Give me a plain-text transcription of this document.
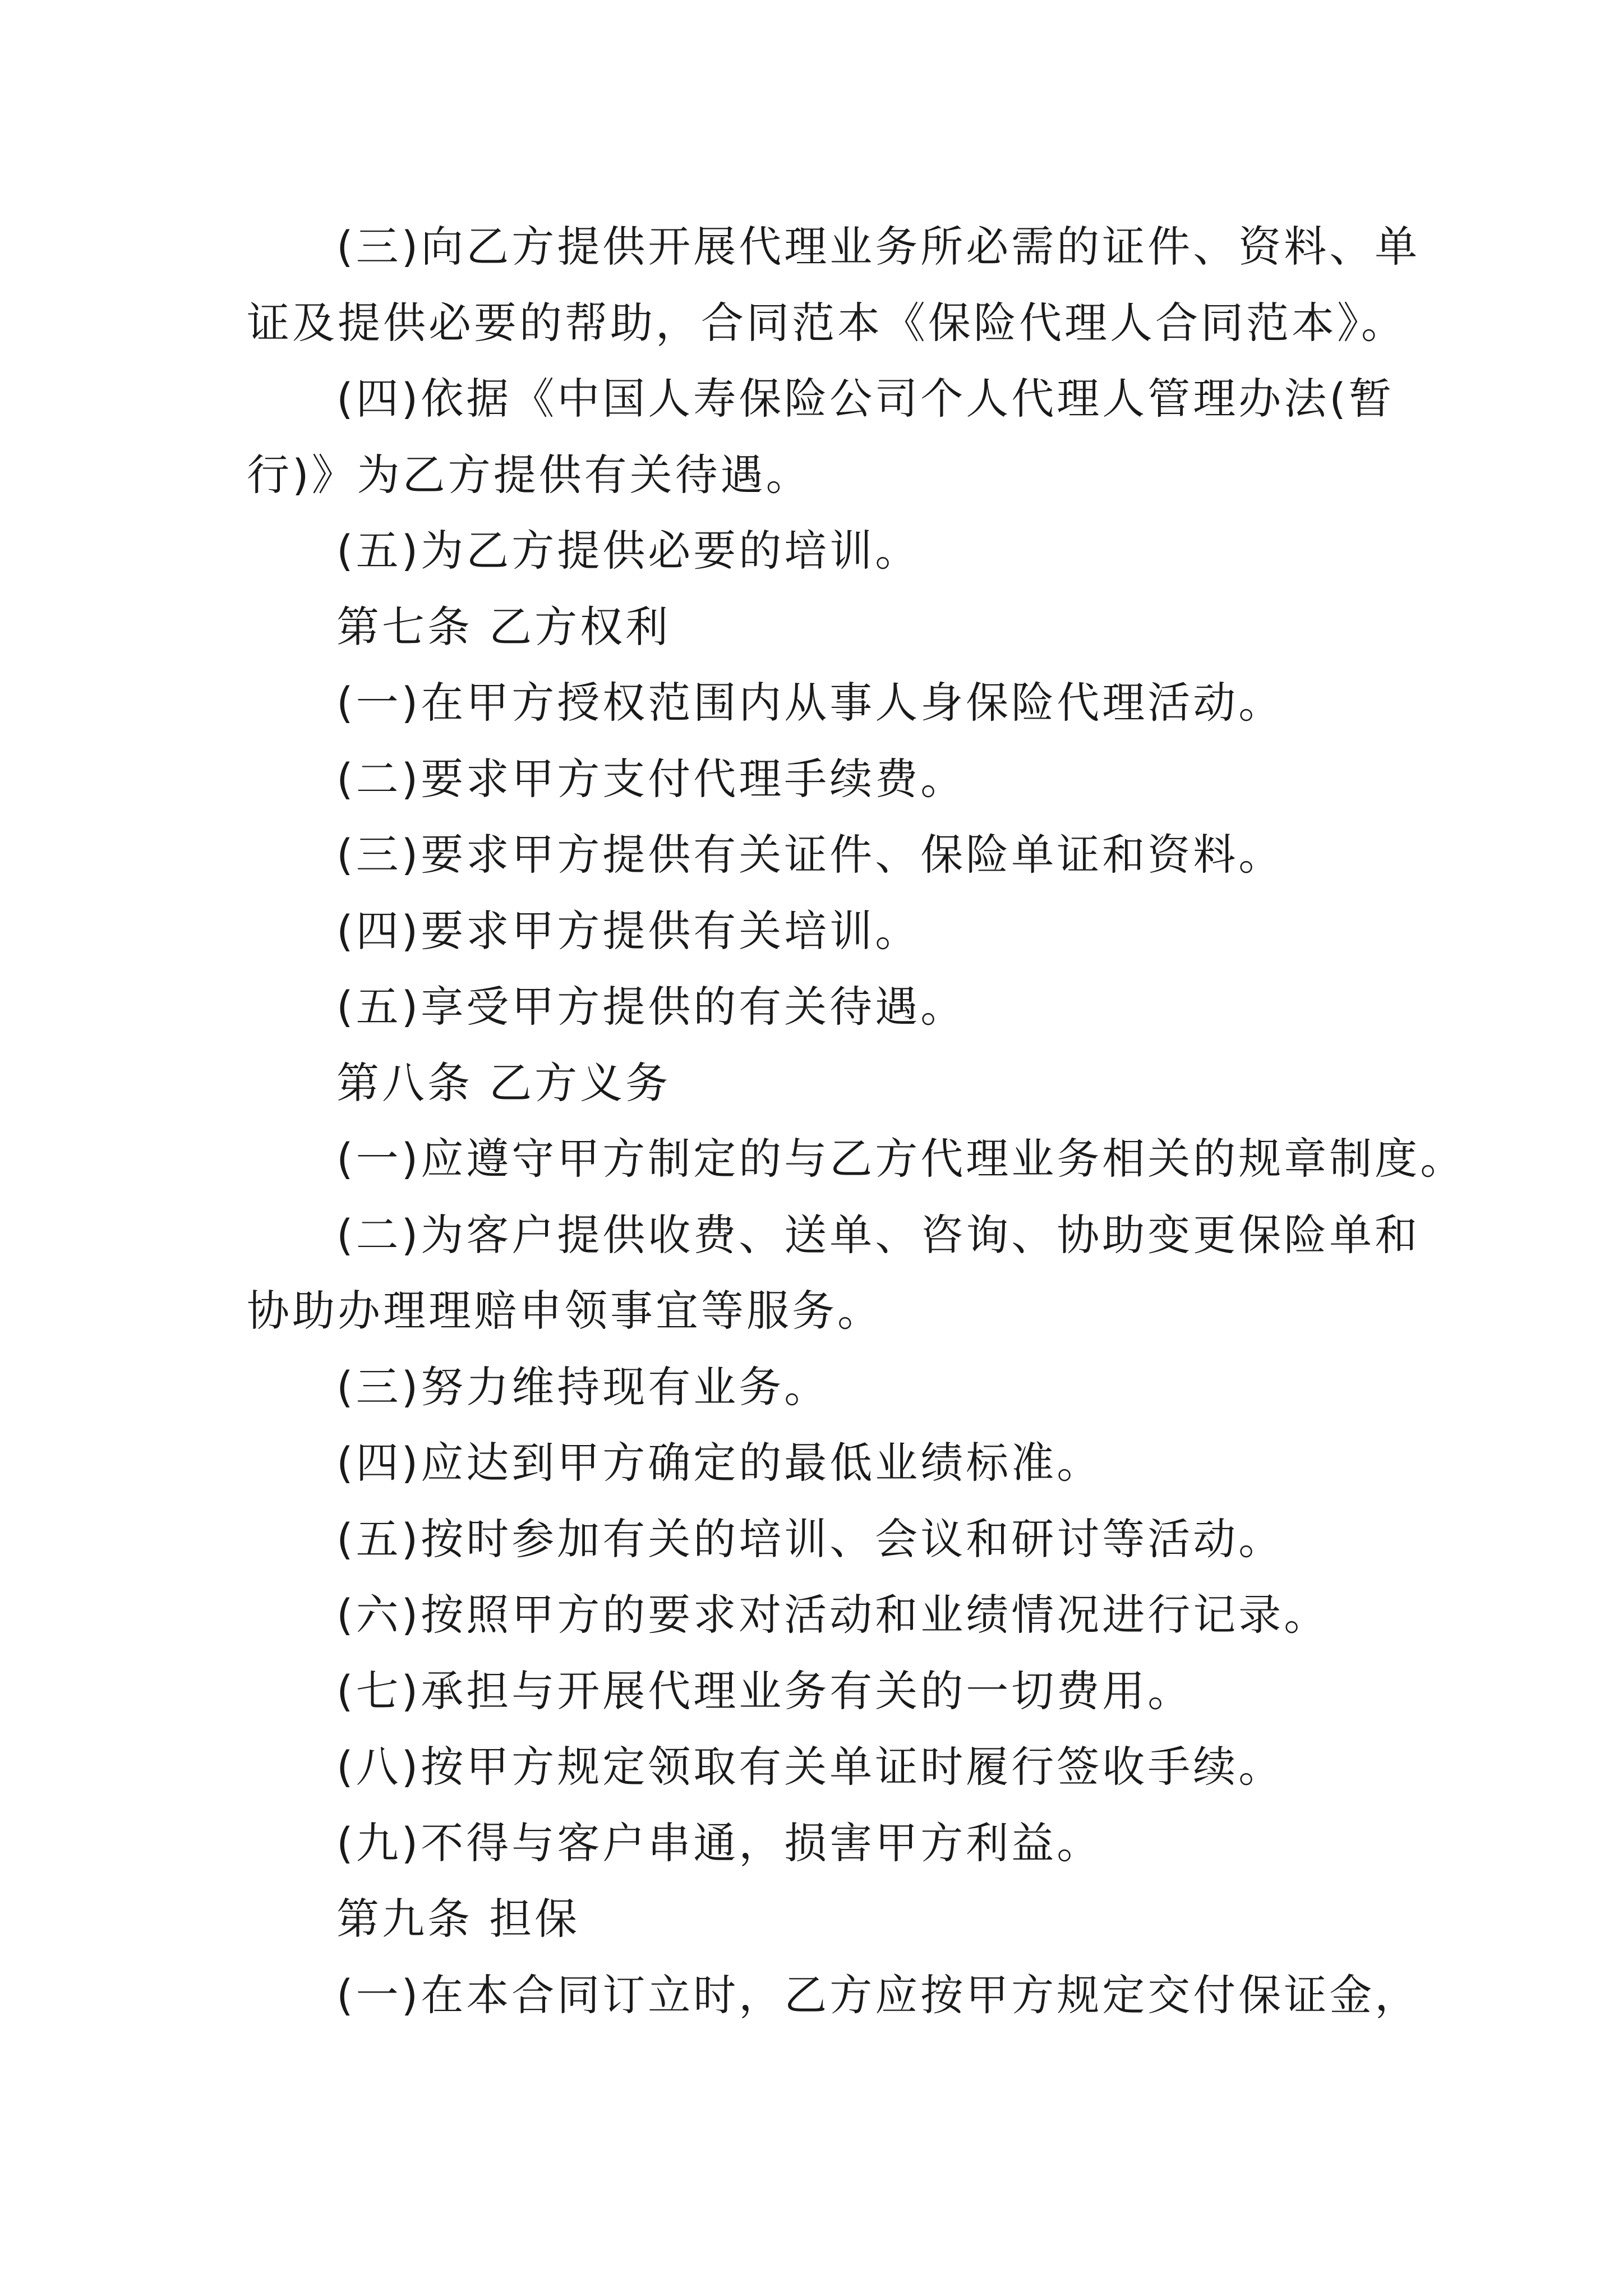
(三)向乙方提供开展代理业务所必需的证件、资料、单
证及提供必要的帮助，合同范本《保险代理人合同范本》。
(四)依据《中国人寿保险公司个人代理人管理办法(暂
行)》为乙方提供有关待遇。
(五)为乙方提供必要的培训。
第七条 乙方权利
(一)在甲方授权范围内从事人身保险代理活动。
(二)要求甲方支付代理手续费。
(三)要求甲方提供有关证件、保险单证和资料。
(四)要求甲方提供有关培训。
(五)享受甲方提供的有关待遇。
第八条 乙方义务
(一)应遵守甲方制定的与乙方代理业务相关的规章制度。
(二)为客户提供收费、送单、咨询、协助变更保险单和
协助办理理赔申领事宜等服务。
(三)努力维持现有业务。
(四)应达到甲方确定的最低业绩标准。
(五)按时参加有关的培训、会议和研讨等活动。
(六)按照甲方的要求对活动和业绩情况进行记录。
(七)承担与开展代理业务有关的一切费用。
(八)按甲方规定领取有关单证时履行签收手续。
(九)不得与客户串通，损害甲方利益。
第九条 担保
(一)在本合同订立时，乙方应按甲方规定交付保证金，
